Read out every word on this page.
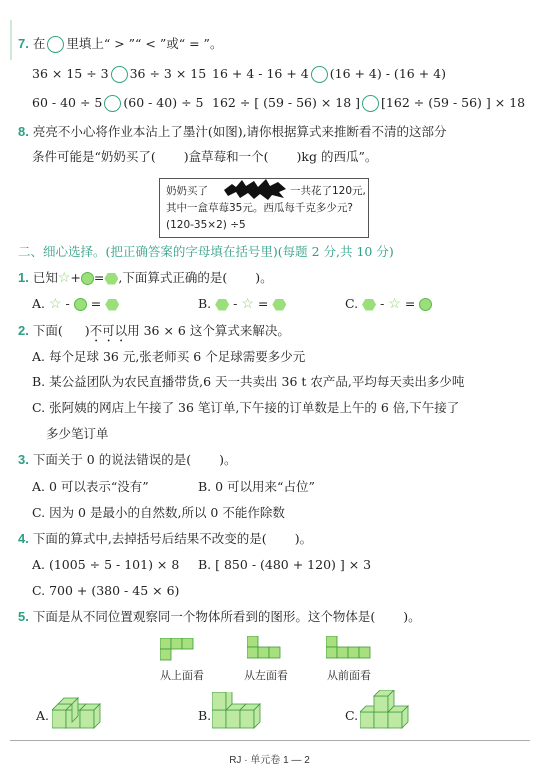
7. 在 里填上“ > ”“ < ”或“ = ”。
36 × 15 ÷ 3 36 ÷ 3 × 15 16 + 4 - 16 + 4 (16 + 4) - (16 + 4)
60 - 40 ÷ 5 (60 - 40) ÷ 5 162 ÷ [ (59 - 56) × 18 ] [162 ÷ (59 - 56) ] × 18
8. 亮亮不小心将作业本沾上了墨汁(如图),请你根据算式来推断看不清的这部分
条件可能是“奶奶买了( )盒草莓和一个( )kg 的西瓜”。
奶奶买了	一共花了120元,
其中一盒草莓35元。西瓜每千克多少元?
(120-35×2) ÷5
二、细心选择。(把正确答案的字母填在括号里)(每题 2 分,共 10 分)
1. 已知☆+ = ,下面算式正确的是( )。
A. ☆ - =	B. - ☆ =	C. - ☆ =
2. 下面( )不可以用 36 × 6 这个算式来解决。
A. 每个足球 36 元,张老师买 6 个足球需要多少元
B. 某公益团队为农民直播带货,6 天一共卖出 36 t 农产品,平均每天卖出多少吨
C. 张阿姨的网店上午接了 36 笔订单,下午接的订单数是上午的 6 倍,下午接了
多少笔订单
3. 下面关于 0 的说法错误的是( )。
A. 0 可以表示“没有”	B. 0 可以用来“占位”
C. 因为 0 是最小的自然数,所以 0 不能作除数
4. 下面的算式中,去掉括号后结果不改变的是( )。
A. (1005 ÷ 5 - 101) × 8 B. [ 850 - (480 + 120) ] × 3
C. 700 + (380 - 45 × 6)
5. 下面是从不同位置观察同一个物体所看到的图形。这个物体是( )。
从上面看	从左面看	从前面看
A.	B.	C.
RJ · 单元卷 1 — 2
